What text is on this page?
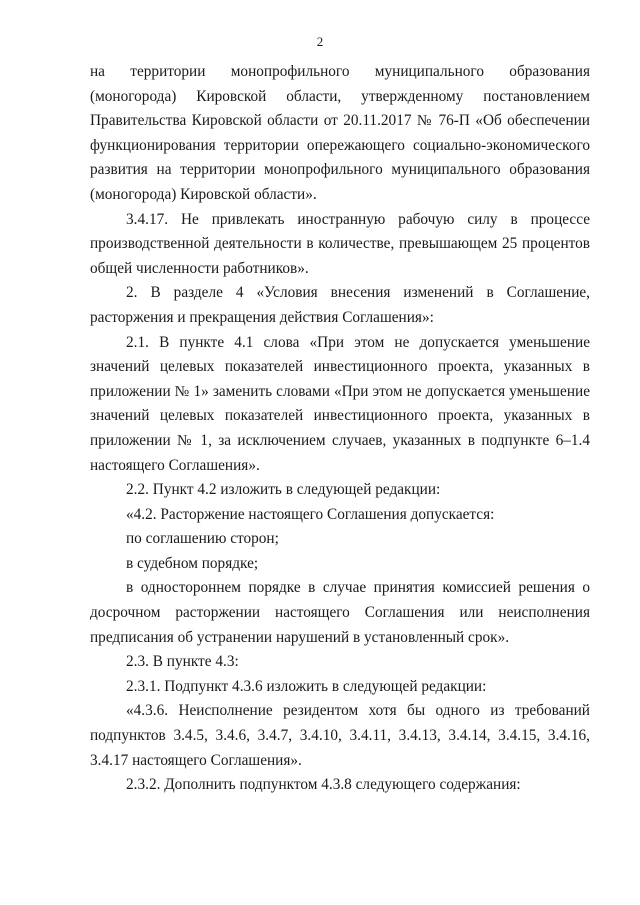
2

на территории монопрофильного муниципального образования (моногорода) Кировской области, утвержденному постановлением Правительства Кировской области от 20.11.2017 № 76-П «Об обеспечении функционирования территории опережающего социально-экономического развития на территории монопрофильного муниципального образования (моногорода) Кировской области».

3.4.17. Не привлекать иностранную рабочую силу в процессе производственной деятельности в количестве, превышающем 25 процентов общей численности работников».

2. В разделе 4 «Условия внесения изменений в Соглашение, расторжения и прекращения действия Соглашения»:

2.1. В пункте 4.1 слова «При этом не допускается уменьшение значений целевых показателей инвестиционного проекта, указанных в приложении № 1» заменить словами «При этом не допускается уменьшение значений целевых показателей инвестиционного проекта, указанных в приложении № 1, за исключением случаев, указанных в подпункте 6–1.4 настоящего Соглашения».

2.2. Пункт 4.2 изложить в следующей редакции:

«4.2. Расторжение настоящего Соглашения допускается:

по соглашению сторон;

в судебном порядке;

в одностороннем порядке в случае принятия комиссией решения о досрочном расторжении настоящего Соглашения или неисполнения предписания об устранении нарушений в установленный срок».

2.3. В пункте 4.3:

2.3.1. Подпункт 4.3.6 изложить в следующей редакции:

«4.3.6. Неисполнение резидентом хотя бы одного из требований подпунктов 3.4.5, 3.4.6, 3.4.7, 3.4.10, 3.4.11, 3.4.13, 3.4.14, 3.4.15, 3.4.16, 3.4.17 настоящего Соглашения».

2.3.2. Дополнить подпунктом 4.3.8 следующего содержания:
